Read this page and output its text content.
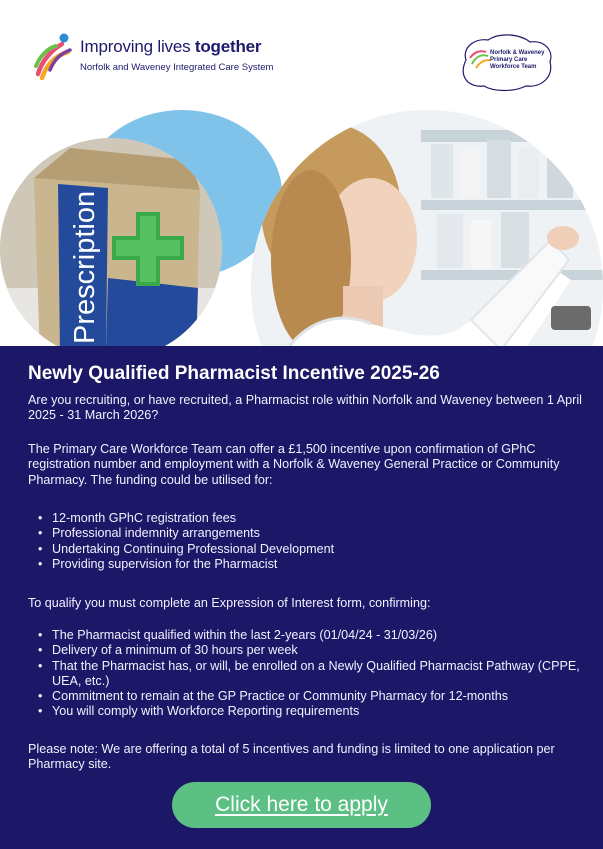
Improving lives together
Norfolk and Waveney Integrated Care System
Norfolk & Waveney
Primary Care
Workforce Team
Prescription
Newly Qualified Pharmacist Incentive 2025-26

Are you recruiting, or have recruited, a Pharmacist role within Norfolk and Waveney between 1 April 2025 - 31 March 2026?

The Primary Care Workforce Team can offer a £1,500 incentive upon confirmation of GPhC registration number and employment with a Norfolk & Waveney General Practice or Community Pharmacy. The funding could be utilised for:

• 12-month GPhC registration fees
• Professional indemnity arrangements
• Undertaking Continuing Professional Development
• Providing supervision for the Pharmacist

To qualify you must complete an Expression of Interest form, confirming:

• The Pharmacist qualified within the last 2-years (01/04/24 - 31/03/26)
• Delivery of a minimum of 30 hours per week
• That the Pharmacist has, or will, be enrolled on a Newly Qualified Pharmacist Pathway (CPPE, UEA, etc.)
• Commitment to remain at the GP Practice or Community Pharmacy for 12-months
• You will comply with Workforce Reporting requirements

Please note: We are offering a total of 5 incentives and funding is limited to one application per Pharmacy site.

Click here to apply
